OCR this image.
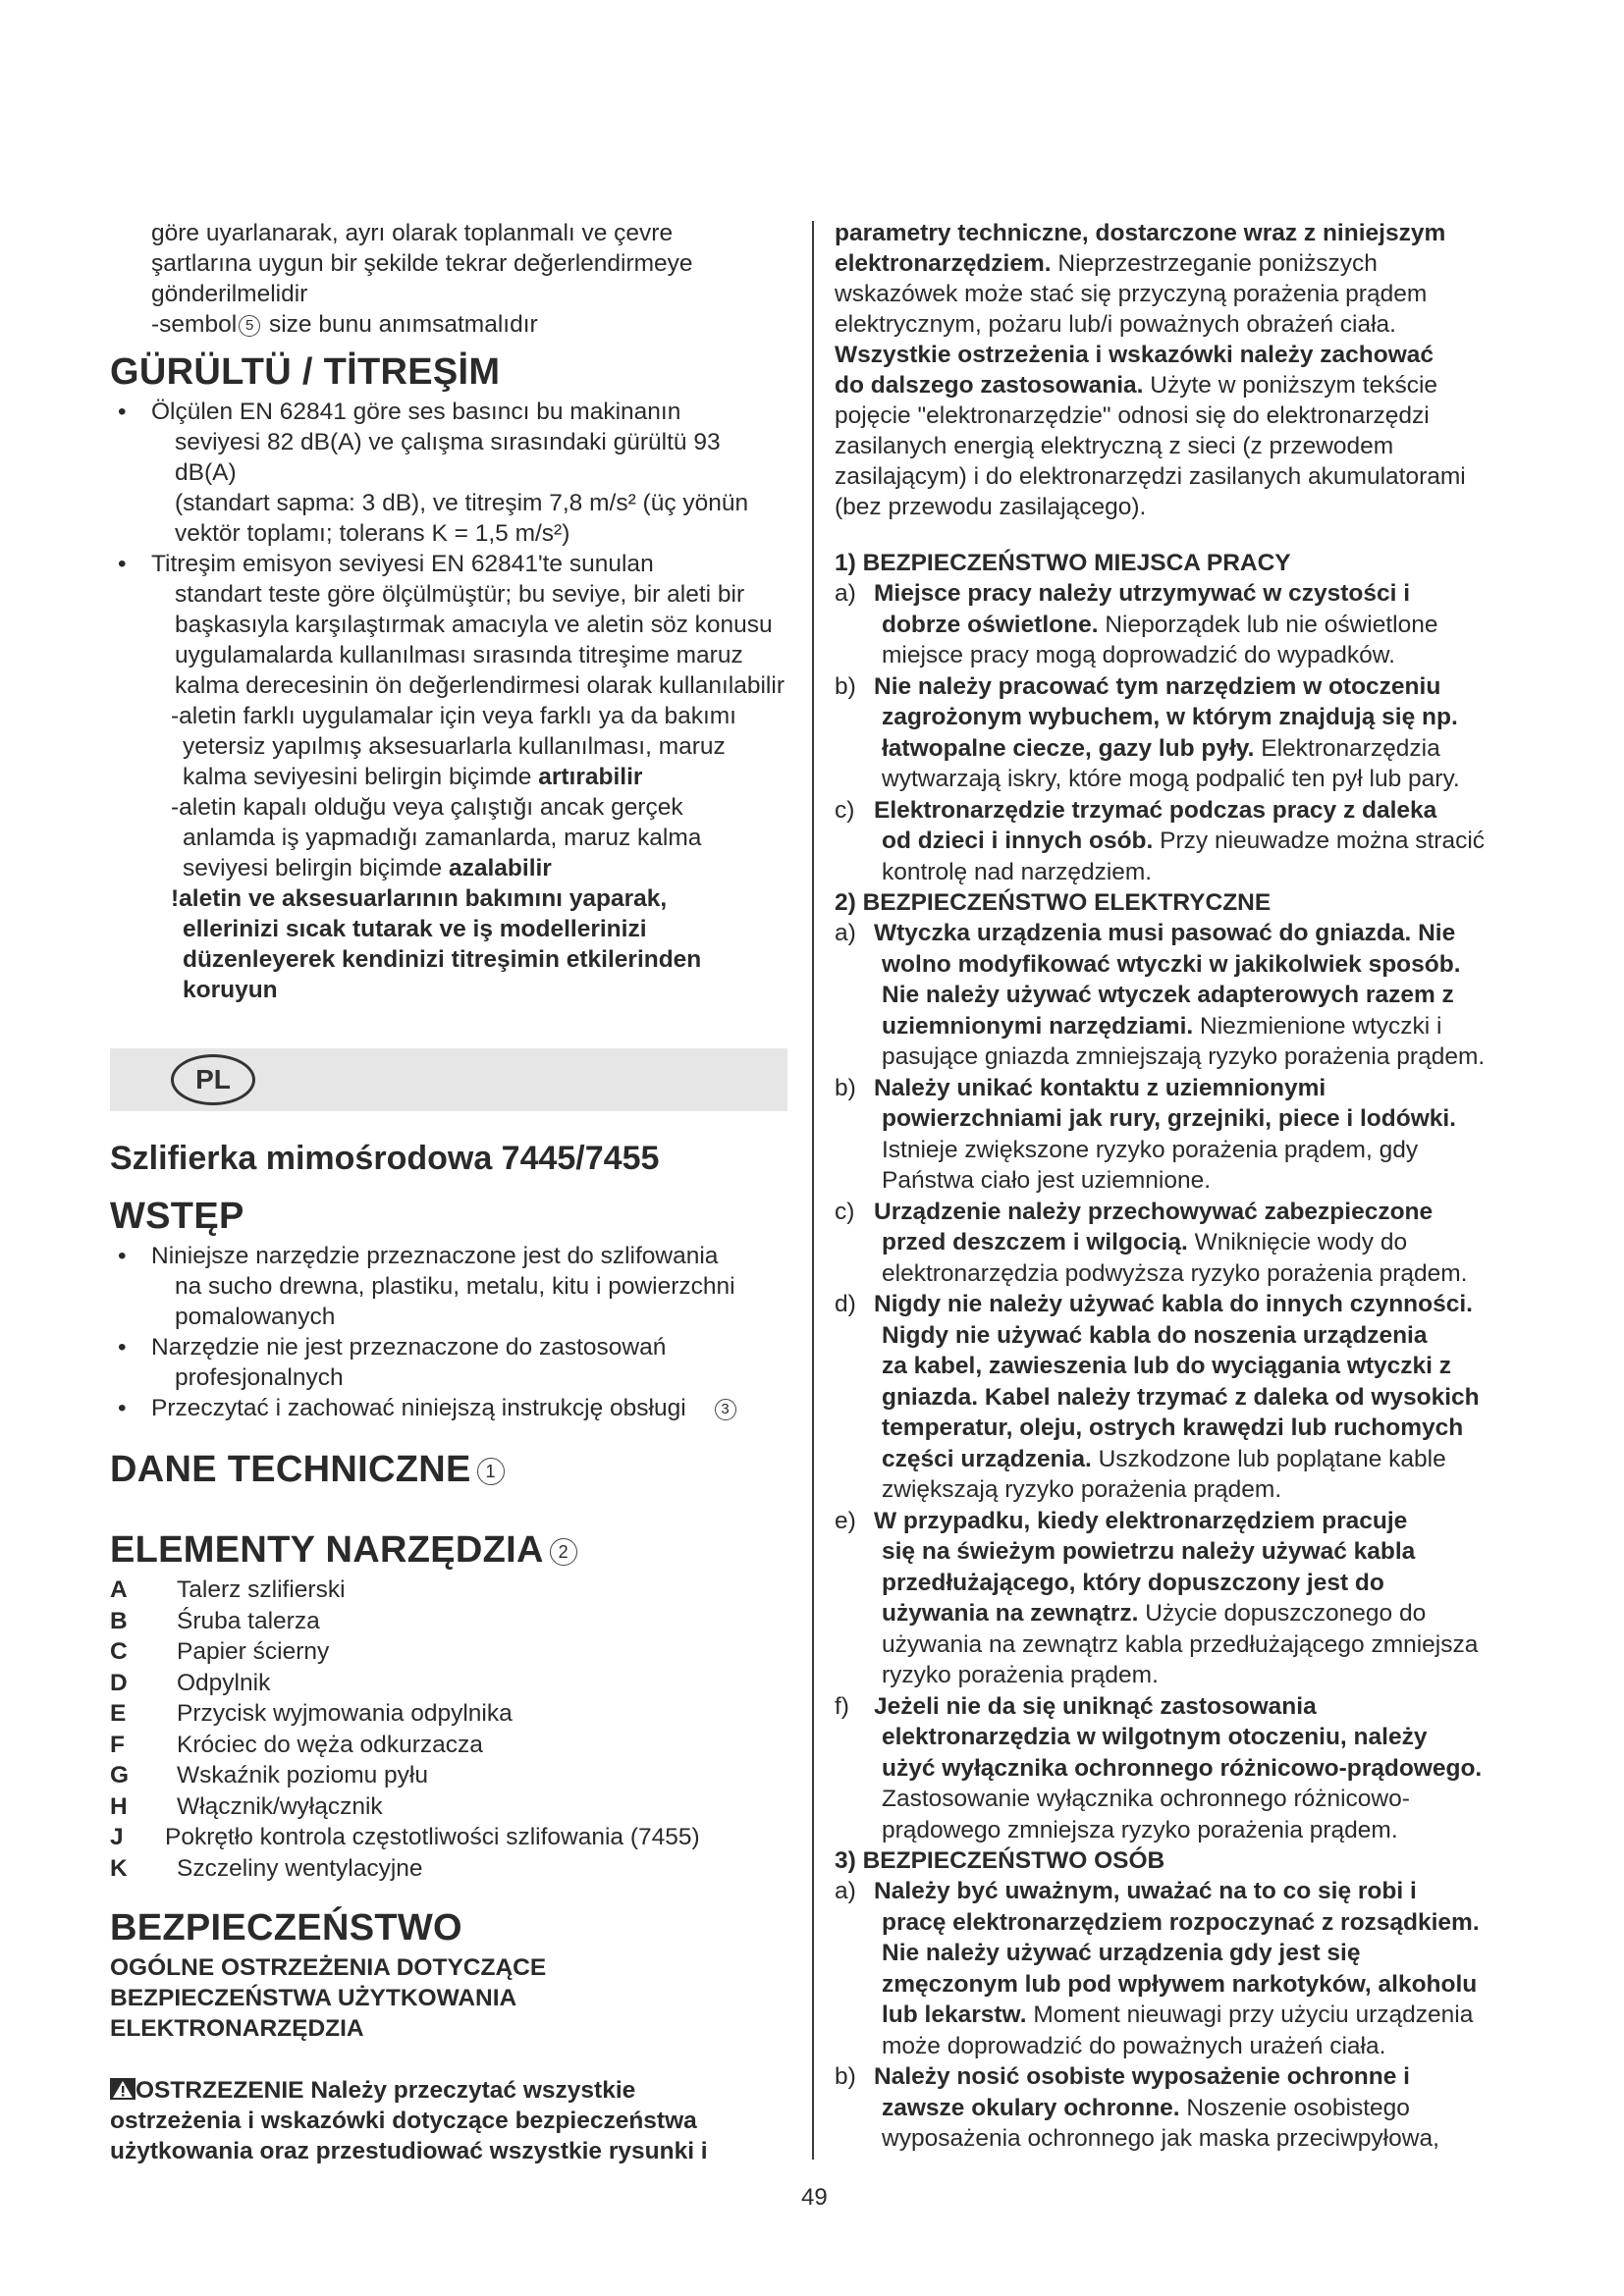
göre uyarlanarak, ayrı olarak toplanmalı ve çevre
şartlarına uygun bir şekilde tekrar değerlendirmeye
gönderilmelidir
-sembol 5 size bunu anımsatmalıdır
GÜRÜLTÜ / TİTREŞİM
• Ölçülen EN 62841 göre ses basıncı bu makinanın
seviyesi 82 dB(A) ve çalışma sırasındaki gürültü 93 dB(A)
(standart sapma: 3 dB), ve titreşim 7,8 m/s² (üç yönün
vektör toplamı; tolerans K = 1,5 m/s²)
• Titreşim emisyon seviyesi EN 62841'te sunulan
standart teste göre ölçülmüştür; bu seviye, bir aleti bir
başkasıyla karşılaştırmak amacıyla ve aletin söz konusu
uygulamalarda kullanılması sırasında titreşime maruz
kalma derecesinin ön değerlendirmesi olarak kullanılabilir
-aletin farklı uygulamalar için veya farklı ya da bakımı
yetersiz yapılmış aksesuarlarla kullanılması, maruz
kalma seviyesini belirgin biçimde artırabilir
-aletin kapalı olduğu veya çalıştığı ancak gerçek
anlamda iş yapmadığı zamanlarda, maruz kalma
seviyesi belirgin biçimde azalabilir
!aletin ve aksesuarlarının bakımını yaparak,
ellerinizi sıcak tutarak ve iş modellerinizi
düzenleyerek kendinizi titreşimin etkilerinden
koruyun
PL
Szlifierka mimośrodowa 7445/7455
WSTĘP
• Niniejsze narzędzie przeznaczone jest do szlifowania
na sucho drewna, plastiku, metalu, kitu i powierzchni
pomalowanych
• Narzędzie nie jest przeznaczone do zastosowań
profesjonalnych
• Przeczytać i zachować niniejszą instrukcję obsługi 3
DANE TECHNICZNE 1
ELEMENTY NARZĘDZIA 2
A	Talerz szlifierski
B	Śruba talerza
C	Papier ścierny
D	Odpylnik
E	Przycisk wyjmowania odpylnika
F	Króciec do węża odkurzacza
G	Wskaźnik poziomu pyłu
H	Włącznik/wyłącznik
J	Pokrętło kontrola częstotliwości szlifowania (7455)
K	Szczeliny wentylacyjne
BEZPIECZEŃSTWO
OGÓLNE OSTRZEŻENIA DOTYCZĄCE
BEZPIECZEŃSTWA UŻYTKOWANIA
ELEKTRONARZĘDZIA
OSTRZEZENIE Należy przeczytać wszystkie
ostrzeżenia i wskazówki dotyczące bezpieczeństwa
użytkowania oraz przestudiować wszystkie rysunki i
parametry techniczne, dostarczone wraz z niniejszym
elektronarzędziem. Nieprzestrzeganie poniższych
wskazówek może stać się przyczyną porażenia prądem
elektrycznym, pożaru lub/i poważnych obrażeń ciała.
Wszystkie ostrzeżenia i wskazówki należy zachować
do dalszego zastosowania. Użyte w poniższym tekście
pojęcie "elektronarzędzie" odnosi się do elektronarzędzi
zasilanych energią elektryczną z sieci (z przewodem
zasilającym) i do elektronarzędzi zasilanych akumulatorami
(bez przewodu zasilającego).
1) BEZPIECZEŃSTWO MIEJSCA PRACY
a) Miejsce pracy należy utrzymywać w czystości i
dobrze oświetlone. Nieporządek lub nie oświetlone
miejsce pracy mogą doprowadzić do wypadków.
b) Nie należy pracować tym narzędziem w otoczeniu
zagrożonym wybuchem, w którym znajdują się np.
łatwopalne ciecze, gazy lub pyły. Elektronarzędzia
wytwarzają iskry, które mogą podpalić ten pył lub pary.
c) Elektronarzędzie trzymać podczas pracy z daleka
od dzieci i innych osób. Przy nieuwadze można stracić
kontrolę nad narzędziem.
2) BEZPIECZEŃSTWO ELEKTRYCZNE
a) Wtyczka urządzenia musi pasować do gniazda. Nie
wolno modyfikować wtyczki w jakikolwiek sposób.
Nie należy używać wtyczek adapterowych razem z
uziemnionymi narzędziami. Niezmienione wtyczki i
pasujące gniazda zmniejszają ryzyko porażenia prądem.
b) Należy unikać kontaktu z uziemnionymi
powierzchniami jak rury, grzejniki, piece i lodówki.
Istnieje zwiększone ryzyko porażenia prądem, gdy
Państwa ciało jest uziemnione.
c) Urządzenie należy przechowywać zabezpieczone
przed deszczem i wilgocią. Wniknięcie wody do
elektronarzędzia podwyższa ryzyko porażenia prądem.
d) Nigdy nie należy używać kabla do innych czynności.
Nigdy nie używać kabla do noszenia urządzenia
za kabel, zawieszenia lub do wyciągania wtyczki z
gniazda. Kabel należy trzymać z daleka od wysokich
temperatur, oleju, ostrych krawędzi lub ruchomych
części urządzenia. Uszkodzone lub poplątane kable
zwiększają ryzyko porażenia prądem.
e) W przypadku, kiedy elektronarzędziem pracuje
się na świeżym powietrzu należy używać kabla
przedłużającego, który dopuszczony jest do
używania na zewnątrz. Użycie dopuszczonego do
używania na zewnątrz kabla przedłużającego zmniejsza
ryzyko porażenia prądem.
f) Jeżeli nie da się uniknąć zastosowania
elektronarzędzia w wilgotnym otoczeniu, należy
użyć wyłącznika ochronnego różnicowo-prądowego.
Zastosowanie wyłącznika ochronnego różnicowo-
prądowego zmniejsza ryzyko porażenia prądem.
3) BEZPIECZEŃSTWO OSÓB
a) Należy być uważnym, uważać na to co się robi i
pracę elektronarzędziem rozpoczynać z rozsądkiem.
Nie należy używać urządzenia gdy jest się
zmęczonym lub pod wpływem narkotyków, alkoholu
lub lekarstw. Moment nieuwagi przy użyciu urządzenia
może doprowadzić do poważnych urażeń ciała.
b) Należy nosić osobiste wyposażenie ochronne i
zawsze okulary ochronne. Noszenie osobistego
wyposażenia ochronnego jak maska przeciwpyłowa,
49
